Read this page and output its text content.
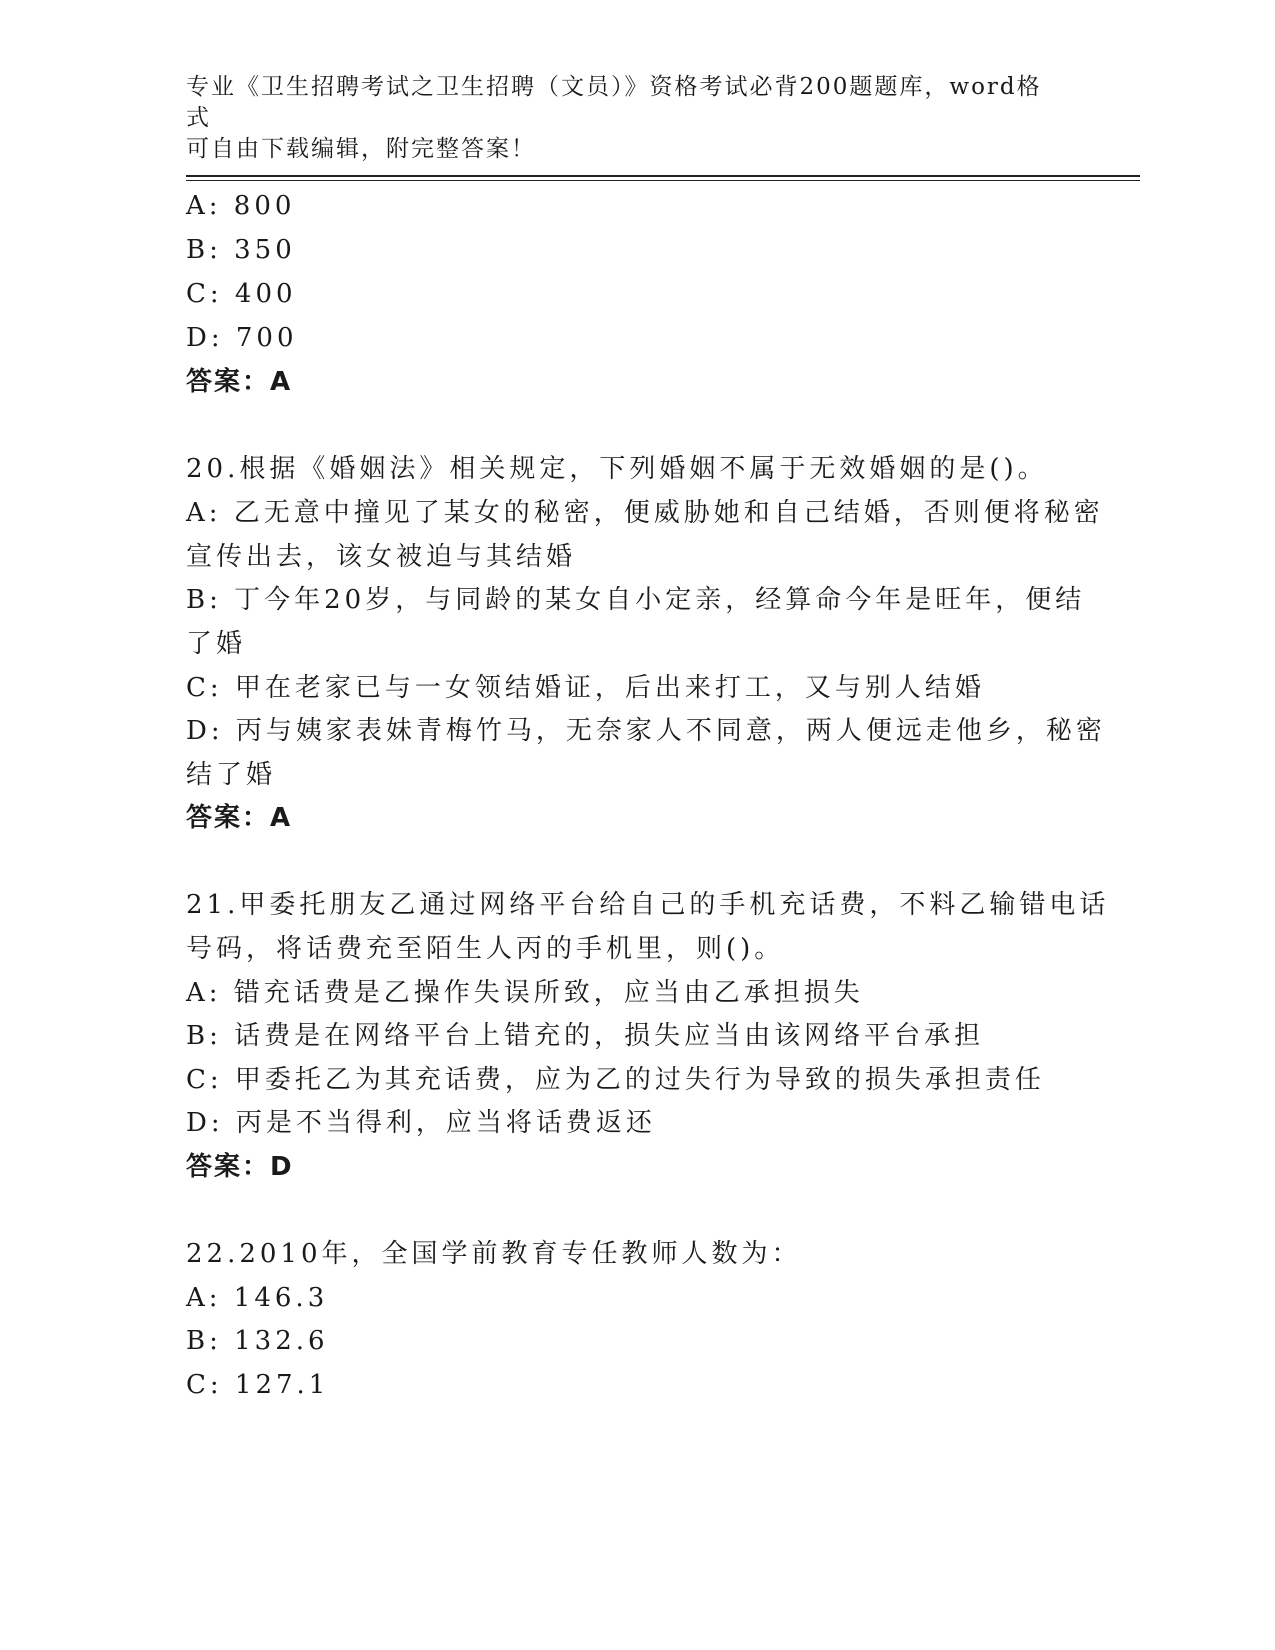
专业《卫生招聘考试之卫生招聘（文员）》资格考试必背200题题库，word格式
可自由下载编辑，附完整答案！
A: 800
B: 350
C: 400
D: 700
答案：A
20.根据《婚姻法》相关规定，下列婚姻不属于无效婚姻的是()。
A: 乙无意中撞见了某女的秘密，便威胁她和自己结婚，否则便将秘密
宣传出去，该女被迫与其结婚
B: 丁今年20岁，与同龄的某女自小定亲，经算命今年是旺年，便结
了婚
C: 甲在老家已与一女领结婚证，后出来打工，又与别人结婚
D: 丙与姨家表妹青梅竹马，无奈家人不同意，两人便远走他乡，秘密
结了婚
答案：A
21.甲委托朋友乙通过网络平台给自己的手机充话费，不料乙输错电话
号码，将话费充至陌生人丙的手机里，则()。
A: 错充话费是乙操作失误所致，应当由乙承担损失
B: 话费是在网络平台上错充的，损失应当由该网络平台承担
C: 甲委托乙为其充话费，应为乙的过失行为导致的损失承担责任
D: 丙是不当得利，应当将话费返还
答案：D
22.2010年，全国学前教育专任教师人数为：
A: 146.3
B: 132.6
C: 127.1
